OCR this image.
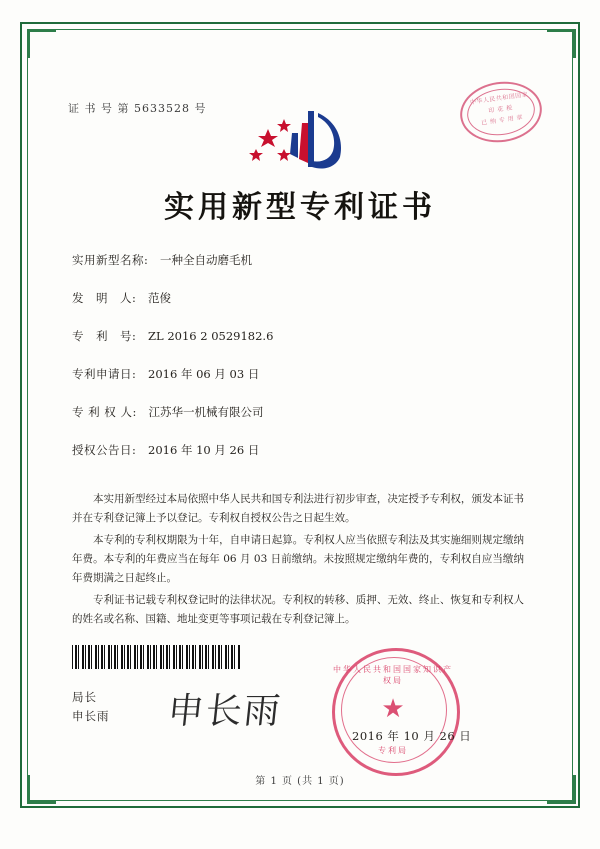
证 书 号 第 5633528 号
中华人民共和国国家
印 花 税
已 纳 专 用 章
实用新型专利证书
实用新型名称: 一种全自动磨毛机
发　明　人: 范俊
专　利　号: ZL 2016 2 0529182.6
专利申请日: 2016 年 06 月 03 日
专 利 权 人: 江苏华一机械有限公司
授权公告日: 2016 年 10 月 26 日

本实用新型经过本局依照中华人民共和国专利法进行初步审查，决定授予专利权，颁发本证书并在专利登记簿上予以登记。专利权自授权公告之日起生效。

本专利的专利权期限为十年，自申请日起算。专利权人应当依照专利法及其实施细则规定缴纳年费。本专利的年费应当在每年 06 月 03 日前缴纳。未按照规定缴纳年费的，专利权自应当缴纳年费期满之日起终止。

专利证书记载专利权登记时的法律状况。专利权的转移、质押、无效、终止、恢复和专利权人的姓名或名称、国籍、地址变更等事项记载在专利登记簿上。

局长
申长雨 申长雨
中华人民共和国国家知识产权局
★
专利局
2016 年 10 月 26 日
第 1 页 (共 1 页)
